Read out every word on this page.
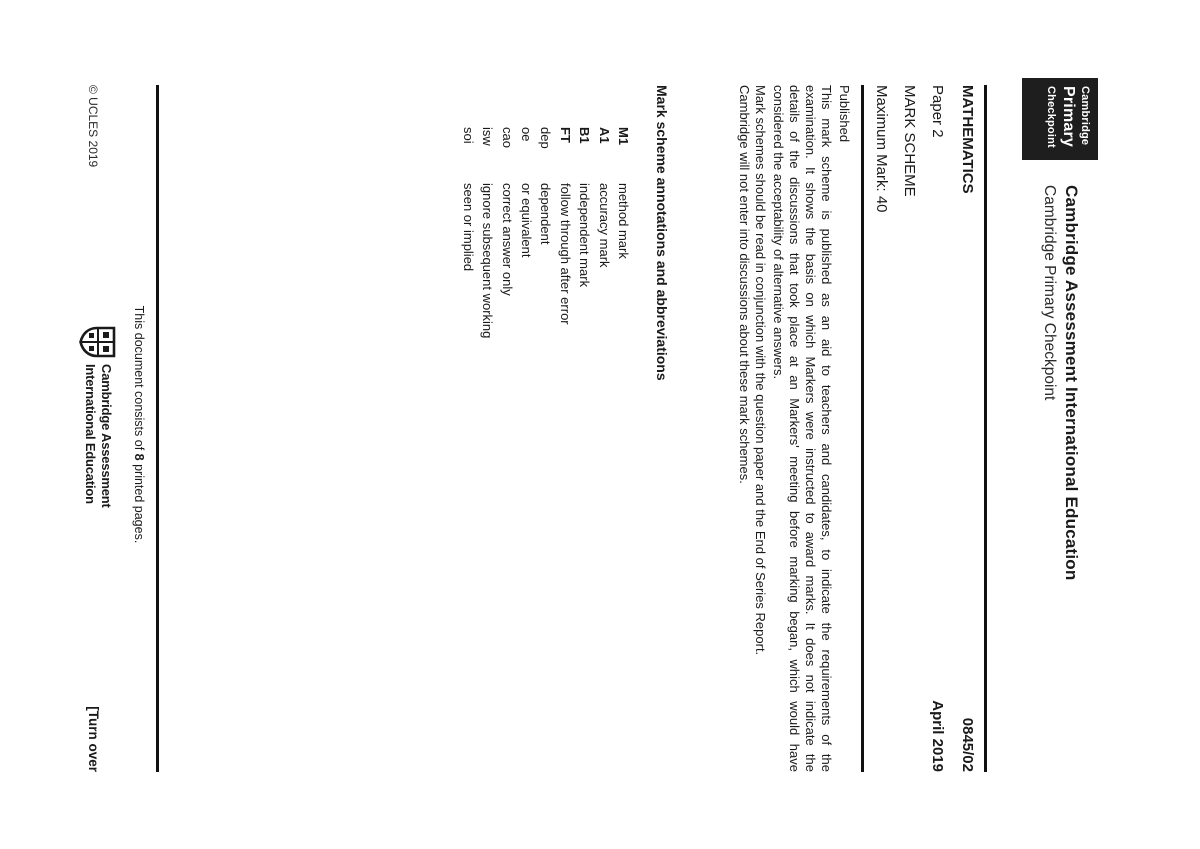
Cambridge
Primary
Checkpoint
Cambridge Assessment International Education
Cambridge Primary Checkpoint
MATHEMATICS
0845/02
Paper 2
April 2019
MARK SCHEME
Maximum Mark: 40
Published
This mark scheme is published as an aid to teachers and candidates, to indicate the requirements of the
examination. It shows the basis on which Markers were instructed to award marks. It does not indicate the
details of the discussions that took place at an Markers' meeting before marking began, which would have
considered the acceptability of alternative answers.
Mark schemes should be read in conjunction with the question paper and the End of Series Report.
Cambridge will not enter into discussions about these mark schemes.
Mark scheme annotations and abbreviations
M1method mark
A1accuracy mark
B1independent mark
FTfollow through after error
depdependent
oeor equivalent
caocorrect answer only
iswignore subsequent working
soiseen or implied
This document consists of 8 printed pages.
Cambridge Assessment
International Education
© UCLES 2019
[Turn over
